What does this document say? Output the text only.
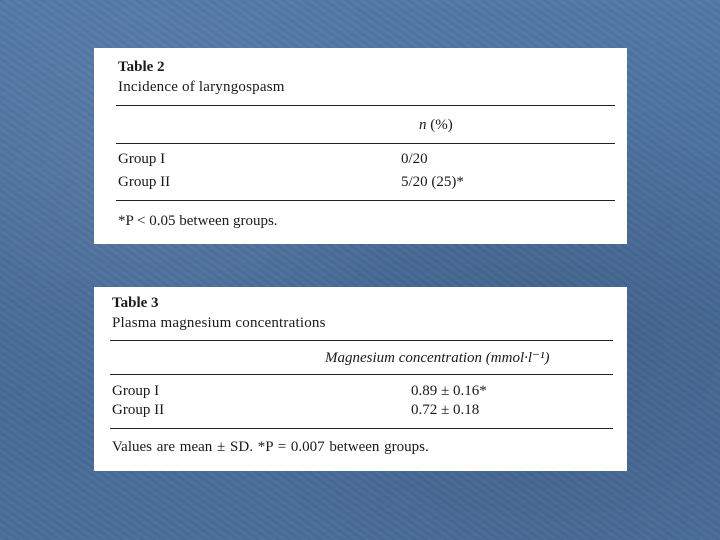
Table 2
Incidence of laryngospasm
n (%)
Group I	0/20
Group II	5/20 (25)*
*P < 0.05 between groups.
Table 3
Plasma magnesium concentrations
Magnesium concentration (mmol·l⁻¹)
Group I	0.89 ± 0.16*
Group II	0.72 ± 0.18
Values are mean ± SD. *P = 0.007 between groups.
